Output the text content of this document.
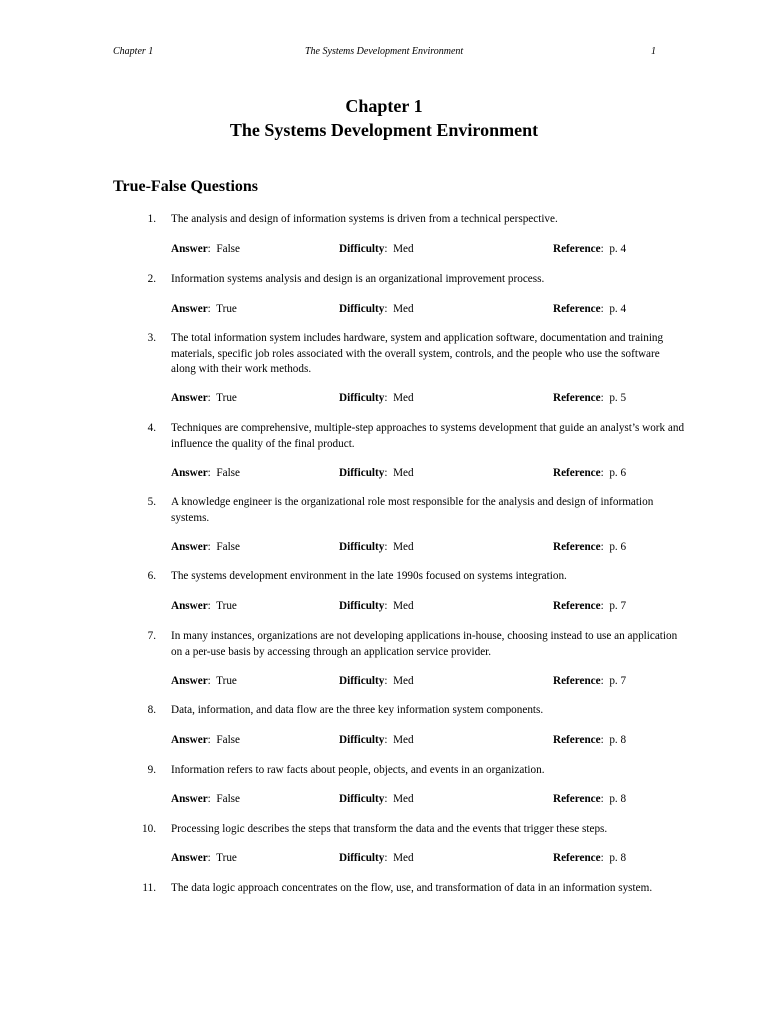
Chapter 1	The Systems Development Environment	1
Chapter 1
The Systems Development Environment
True-False Questions
1. The analysis and design of information systems is driven from a technical perspective.
Answer:  False	Difficulty:  Med	Reference:  p. 4
2. Information systems analysis and design is an organizational improvement process.
Answer:  True	Difficulty:  Med	Reference:  p. 4
3. The total information system includes hardware, system and application software, documentation and training materials, specific job roles associated with the overall system, controls, and the people who use the software along with their work methods.
Answer:  True	Difficulty:  Med	Reference:  p. 5
4. Techniques are comprehensive, multiple-step approaches to systems development that guide an analyst’s work and influence the quality of the final product.
Answer:  False	Difficulty:  Med	Reference:  p. 6
5. A knowledge engineer is the organizational role most responsible for the analysis and design of information systems.
Answer:  False	Difficulty:  Med	Reference:  p. 6
6. The systems development environment in the late 1990s focused on systems integration.
Answer:  True	Difficulty:  Med	Reference:  p. 7
7. In many instances, organizations are not developing applications in-house, choosing instead to use an application on a per-use basis by accessing through an application service provider.
Answer:  True	Difficulty:  Med	Reference:  p. 7
8. Data, information, and data flow are the three key information system components.
Answer:  False	Difficulty:  Med	Reference:  p. 8
9. Information refers to raw facts about people, objects, and events in an organization.
Answer:  False	Difficulty:  Med	Reference:  p. 8
10. Processing logic describes the steps that transform the data and the events that trigger these steps.
Answer:  True	Difficulty:  Med	Reference:  p. 8
11. The data logic approach concentrates on the flow, use, and transformation of data in an information system.
